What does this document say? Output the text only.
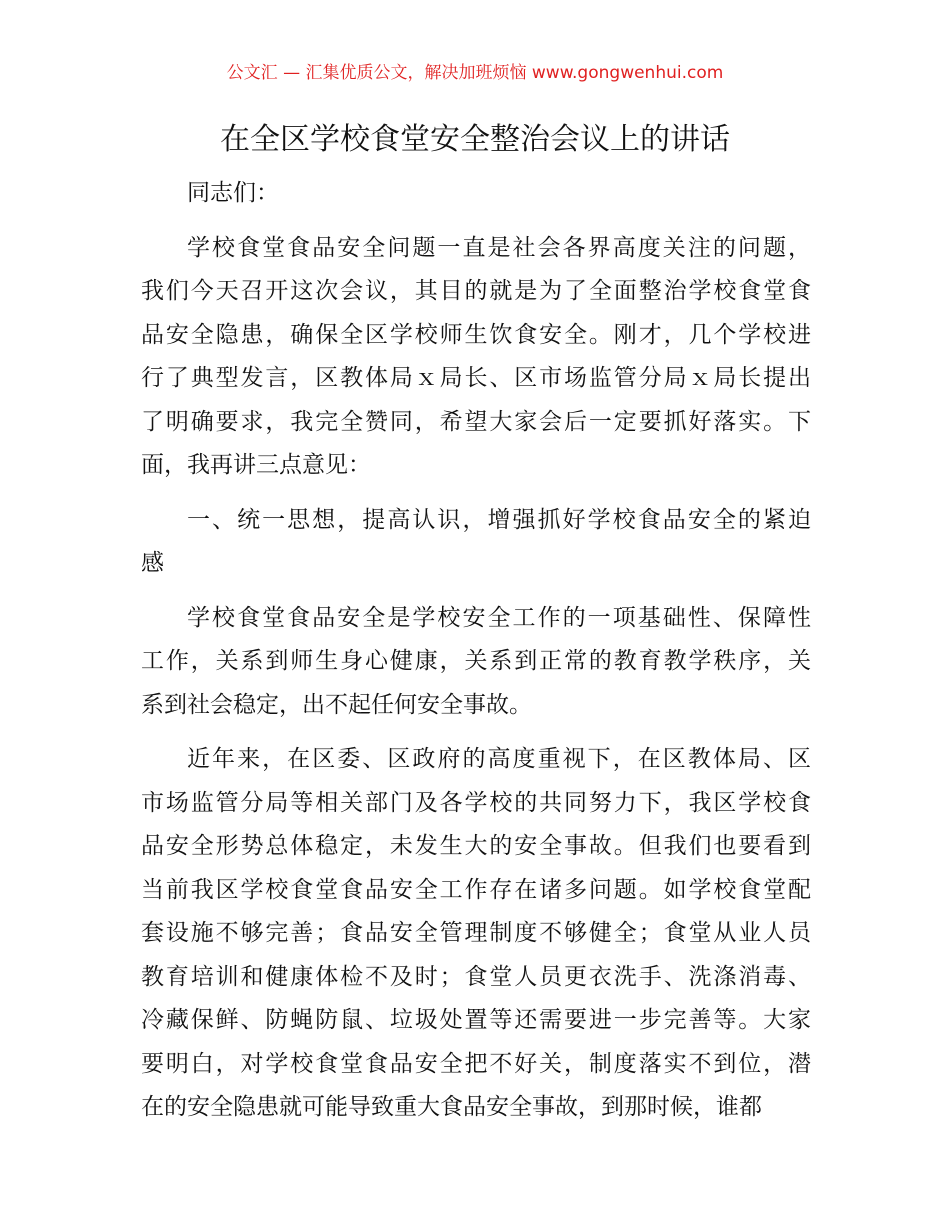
公文汇 — 汇集优质公文，解决加班烦恼 www.gongwenhui.com
在全区学校食堂安全整治会议上的讲话
同志们：
学校食堂食品安全问题一直是社会各界高度关注的问题，
我们今天召开这次会议，其目的就是为了全面整治学校食堂食
品安全隐患，确保全区学校师生饮食安全。刚才，几个学校进
行了典型发言，区教体局ｘ局长、区市场监管分局ｘ局长提出
了明确要求，我完全赞同，希望大家会后一定要抓好落实。下
面，我再讲三点意见：
一、统一思想，提高认识，增强抓好学校食品安全的紧迫
感
学校食堂食品安全是学校安全工作的一项基础性、保障性
工作，关系到师生身心健康，关系到正常的教育教学秩序，关
系到社会稳定，出不起任何安全事故。
近年来，在区委、区政府的高度重视下，在区教体局、区
市场监管分局等相关部门及各学校的共同努力下，我区学校食
品安全形势总体稳定，未发生大的安全事故。但我们也要看到
当前我区学校食堂食品安全工作存在诸多问题。如学校食堂配
套设施不够完善；食品安全管理制度不够健全；食堂从业人员
教育培训和健康体检不及时；食堂人员更衣洗手、洗涤消毒、
冷藏保鲜、防蝇防鼠、垃圾处置等还需要进一步完善等。大家
要明白，对学校食堂食品安全把不好关，制度落实不到位，潜
在的安全隐患就可能导致重大食品安全事故，到那时候，谁都
